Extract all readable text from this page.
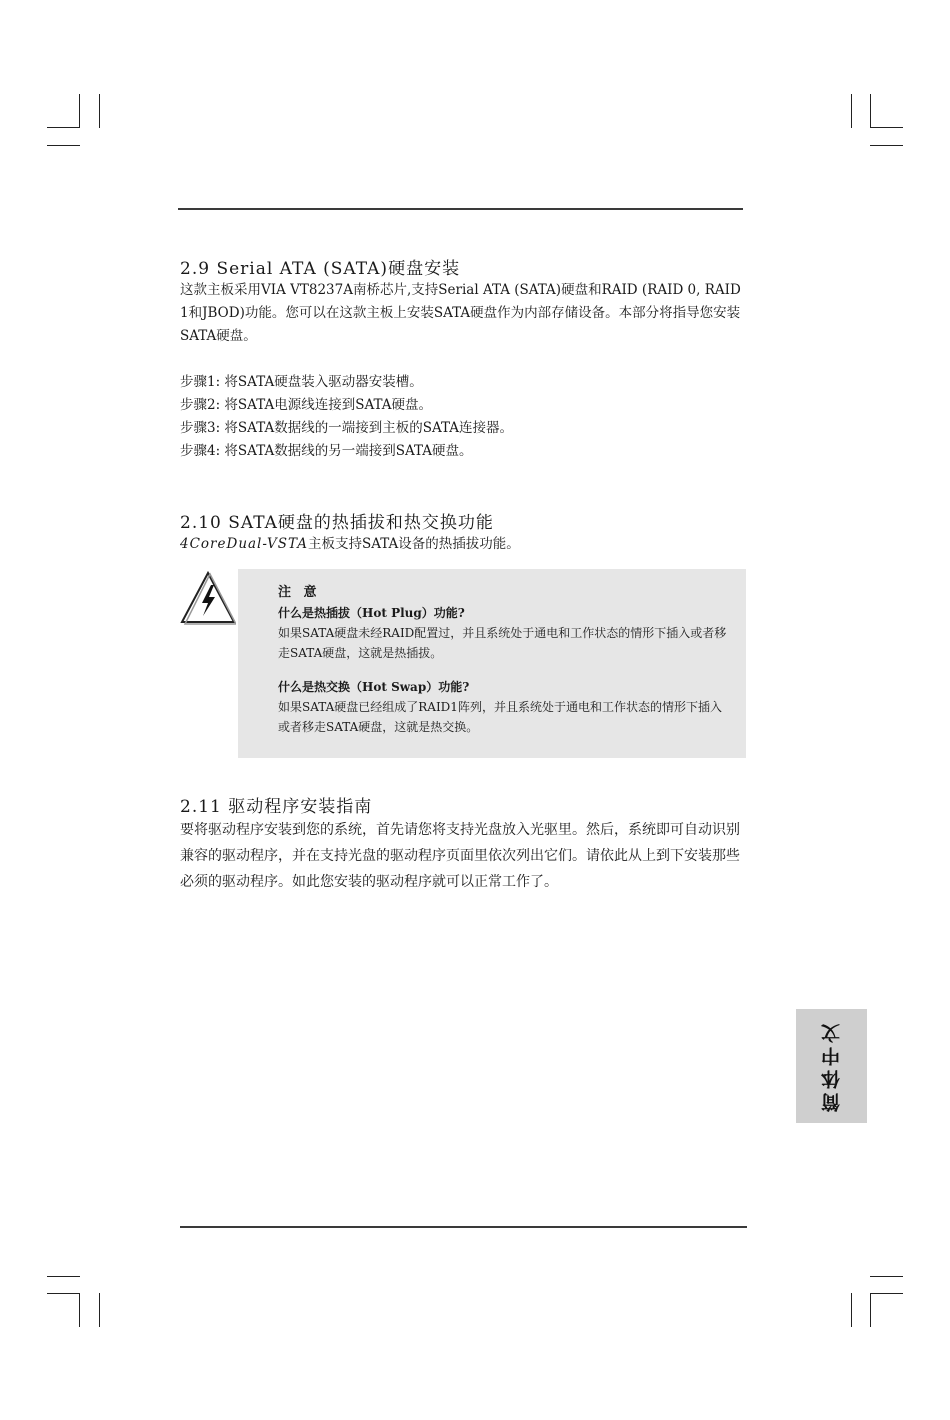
2.9 Serial ATA (SATA)硬盘安装

这款主板采用VIA VT8237A南桥芯片,支持Serial ATA (SATA)硬盘和RAID (RAID 0, RAID 1和JBOD)功能。您可以在这款主板上安装SATA硬盘作为内部存储设备。本部分将指导您安装SATA硬盘。

步骤1: 将SATA硬盘装入驱动器安装槽。
步骤2: 将SATA电源线连接到SATA硬盘。
步骤3: 将SATA数据线的一端接到主板的SATA连接器。
步骤4: 将SATA数据线的另一端接到SATA硬盘。
2.10 SATA硬盘的热插拔和热交换功能

4CoreDual-VSTA主板支持SATA设备的热插拔功能。

注 意

什么是热插拔（Hot Plug）功能?

如果SATA硬盘未经RAID配置过，并且系统处于通电和工作状态的情形下插入或者移走SATA硬盘，这就是热插拔。

什么是热交换（Hot Swap）功能?

如果SATA硬盘已经组成了RAID1阵列，并且系统处于通电和工作状态的情形下插入或者移走SATA硬盘，这就是热交换。

2.11 驱动程序安装指南

要将驱动程序安装到您的系统，首先请您将支持光盘放入光驱里。然后，系统即可自动识别兼容的驱动程序，并在支持光盘的驱动程序页面里依次列出它们。请依此从上到下安装那些必须的驱动程序。如此您安装的驱动程序就可以正常工作了。

简体中文
